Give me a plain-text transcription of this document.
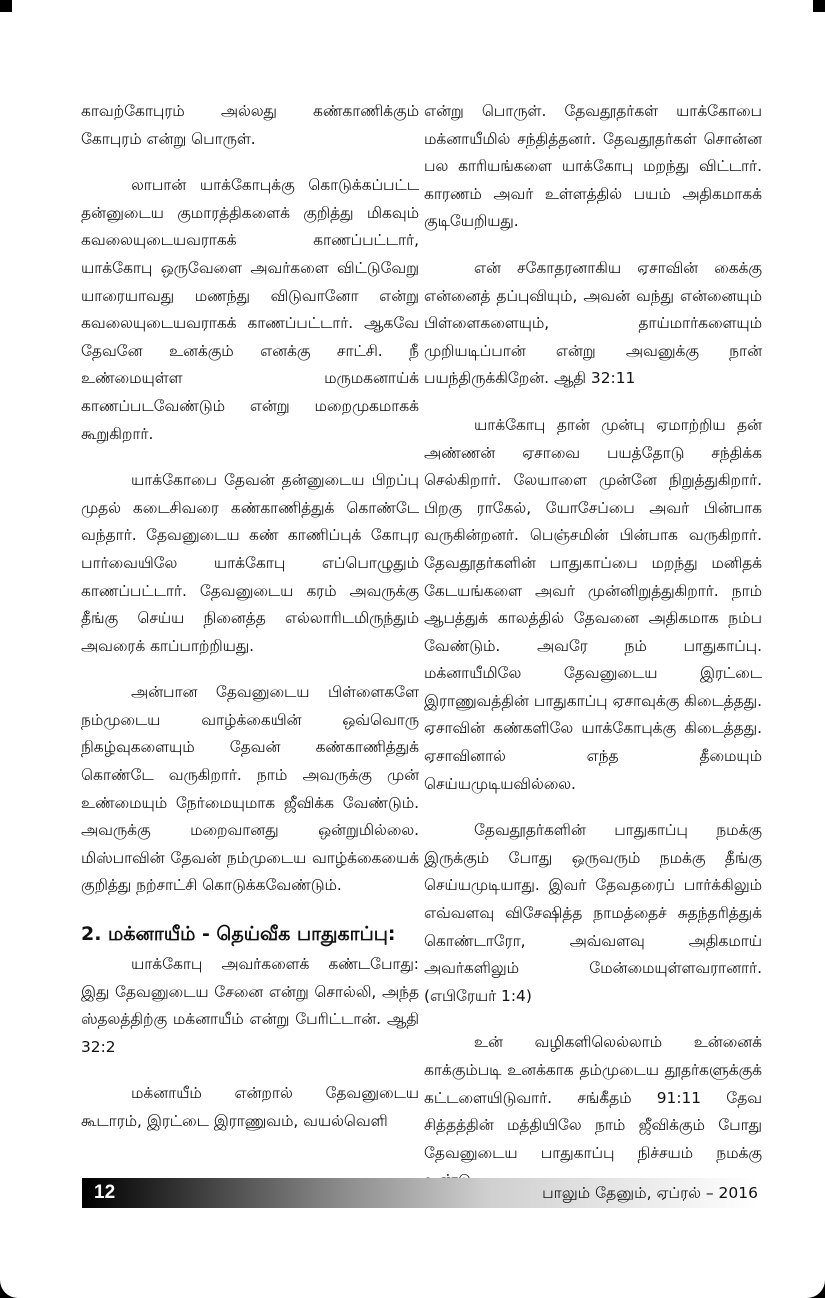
காவற்கோபுரம் அல்லது கண்காணிக்கும் கோபுரம் என்று பொருள்.

லாபான் யாக்கோபுக்கு கொடுக்கப்பட்ட தன்னுடைய குமாரத்திகளைக் குறித்து மிகவும் கவலையுடையவராகக் காணப்பட்டார், யாக்கோபு ஒருவேளை அவர்களை விட்டுவேறு யாரையாவது மணந்து விடுவானோ என்று கவலையுடையவராகக் காணப்பட்டார். ஆகவே தேவனே உனக்கும் எனக்கு சாட்சி. நீ உண்மையுள்ள மருமகனாய்க் காணப்படவேண்டும் என்று மறைமுகமாகக் கூறுகிறார்.

யாக்கோபை தேவன் தன்னுடைய பிறப்பு முதல் கடைசிவரை கண்காணித்துக் கொண்டே வந்தார். தேவனுடைய கண் காணிப்புக் கோபுர பார்வையிலே யாக்கோபு எப்பொழுதும் காணப்பட்டார். தேவனுடைய கரம் அவருக்கு தீங்கு செய்ய நினைத்த எல்லாரிடமிருந்தும் அவரைக் காப்பாற்றியது.

அன்பான தேவனுடைய பிள்ளைகளே நம்முடைய வாழ்க்கையின் ஒவ்வொரு நிகழ்வுகளையும் தேவன் கண்காணித்துக் கொண்டே வருகிறார். நாம் அவருக்கு முன் உண்மையும் நேர்மையுமாக ஜீவிக்க வேண்டும். அவருக்கு மறைவானது ஒன்றுமில்லை. மிஸ்பாவின் தேவன் நம்முடைய வாழ்க்கையைக் குறித்து நற்சாட்சி கொடுக்கவேண்டும்.

2. மக்னாயீம் - தெய்வீக பாதுகாப்பு:

யாக்கோபு அவர்களைக் கண்டபோது: இது தேவனுடைய சேனை என்று சொல்லி, அந்த ஸ்தலத்திற்கு மக்னாயீம் என்று பேரிட்டான். ஆதி 32:2

மக்னாயீம் என்றால் தேவனுடைய கூடாரம், இரட்டை இராணுவம், வயல்வெளி

என்று பொருள். தேவதூதர்கள் யாக்கோபை மக்னாயீமில் சந்தித்தனர். தேவதூதர்கள் சொன்ன பல காரியங்களை யாக்கோபு மறந்து விட்டார். காரணம் அவர் உள்ளத்தில் பயம் அதிகமாகக் குடியேறியது.

என் சகோதரனாகிய ஏசாவின் கைக்கு என்னைத் தப்புவியும், அவன் வந்து என்னையும் பிள்ளைகளையும், தாய்மார்களையும் முறியடிப்பான் என்று அவனுக்கு நான் பயந்திருக்கிறேன். ஆதி 32:11

யாக்கோபு தான் முன்பு ஏமாற்றிய தன் அண்ணன் ஏசாவை பயத்தோடு சந்திக்க செல்கிறார். லேயாளை முன்னே நிறுத்துகிறார். பிறகு ராகேல், யோசேப்பை அவர் பின்பாக வருகின்றனர். பெஞ்சமின் பின்பாக வருகிறார். தேவதூதர்களின் பாதுகாப்பை மறந்து மனிதக் கேடயங்களை அவர் முன்னிறுத்துகிறார். நாம் ஆபத்துக் காலத்தில் தேவனை அதிகமாக நம்ப வேண்டும். அவரே நம் பாதுகாப்பு. மக்னாயீமிலே தேவனுடைய இரட்டை இராணுவத்தின் பாதுகாப்பு ஏசாவுக்கு கிடைத்தது. ஏசாவின் கண்களிலே யாக்கோபுக்கு கிடைத்தது. ஏசாவினால் எந்த தீமையும் செய்யமுடியவில்லை.

தேவதூதர்களின் பாதுகாப்பு நமக்கு இருக்கும் போது ஒருவரும் நமக்கு தீங்கு செய்யமுடியாது. இவர் தேவதரைப் பார்க்கிலும் எவ்வளவு விசேஷித்த நாமத்தைச் சுதந்தரித்துக் கொண்டாரோ, அவ்வளவு அதிகமாய் அவர்களிலும் மேன்மையுள்ளவரானார். (எபிரேயர் 1:4)

உன் வழிகளிலெல்லாம் உன்னைக் காக்கும்படி உனக்காக தம்முடைய தூதர்களுக்குக் கட்டளையிடுவார். சங்கீதம் 91:11 தேவ சித்தத்தின் மத்தியிலே நாம் ஜீவிக்கும் போது தேவனுடைய பாதுகாப்பு நிச்சயம் நமக்கு

12	பாலும் தேனும், ஏப்ரல் – 2016
